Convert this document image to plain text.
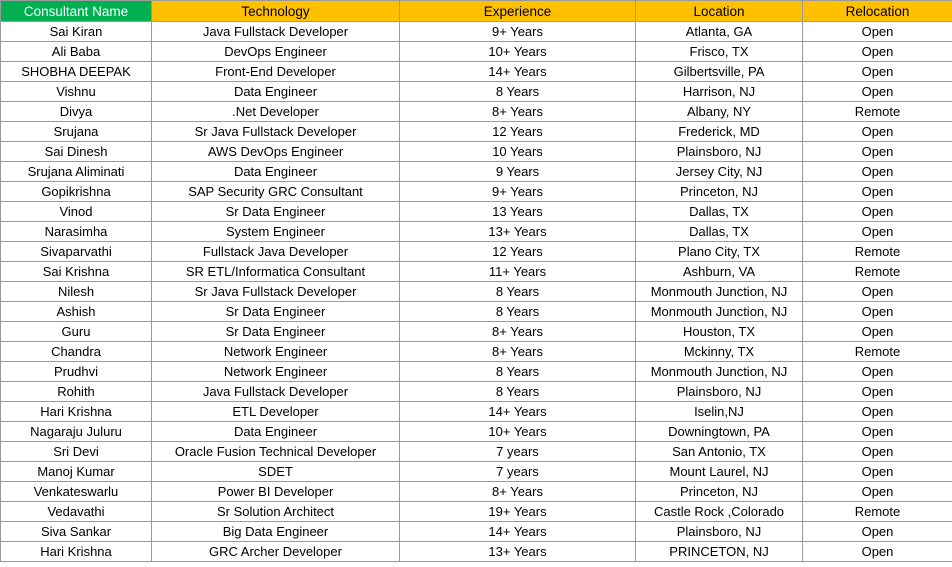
Consultant Name	Technology	Experience	Location	Relocation
Sai Kiran	Java Fullstack Developer	9+ Years	Atlanta, GA	Open
Ali Baba	DevOps Engineer	10+ Years	Frisco, TX	Open
SHOBHA DEEPAK	Front-End Developer	14+ Years	Gilbertsville, PA	Open
Vishnu	Data Engineer	8 Years	Harrison, NJ	Open
Divya	.Net Developer	8+ Years	Albany, NY	Remote
Srujana	Sr Java Fullstack Developer	12 Years	Frederick, MD	Open
Sai Dinesh	AWS DevOps Engineer	10 Years	Plainsboro, NJ	Open
Srujana Aliminati	Data Engineer	9 Years	Jersey City, NJ	Open
Gopikrishna	SAP Security GRC Consultant	9+ Years	Princeton, NJ	Open
Vinod	Sr Data Engineer	13 Years	Dallas, TX	Open
Narasimha	System Engineer	13+ Years	Dallas, TX	Open
Sivaparvathi	Fullstack Java Developer	12 Years	Plano City, TX	Remote
Sai Krishna	SR ETL/Informatica Consultant	11+ Years	Ashburn, VA	Remote
Nilesh	Sr Java Fullstack Developer	8 Years	Monmouth Junction, NJ	Open
Ashish	Sr Data Engineer	8 Years	Monmouth Junction, NJ	Open
Guru	Sr Data Engineer	8+ Years	Houston, TX	Open
Chandra	Network Engineer	8+ Years	Mckinny, TX	Remote
Prudhvi	Network Engineer	8 Years	Monmouth Junction, NJ	Open
Rohith	Java Fullstack Developer	8 Years	Plainsboro, NJ	Open
Hari Krishna	ETL Developer	14+ Years	Iselin,NJ	Open
Nagaraju Juluru	Data Engineer	10+ Years	Downingtown, PA	Open
Sri Devi	Oracle Fusion Technical Developer	7 years	San Antonio, TX	Open
Manoj Kumar	SDET	7 years	Mount Laurel, NJ	Open
Venkateswarlu	Power BI Developer	8+ Years	Princeton, NJ	Open
Vedavathi	Sr Solution Architect	19+ Years	Castle Rock ,Colorado	Remote
Siva Sankar	Big Data Engineer	14+ Years	Plainsboro, NJ	Open
Hari Krishna	GRC Archer Developer	13+ Years	PRINCETON, NJ	Open
